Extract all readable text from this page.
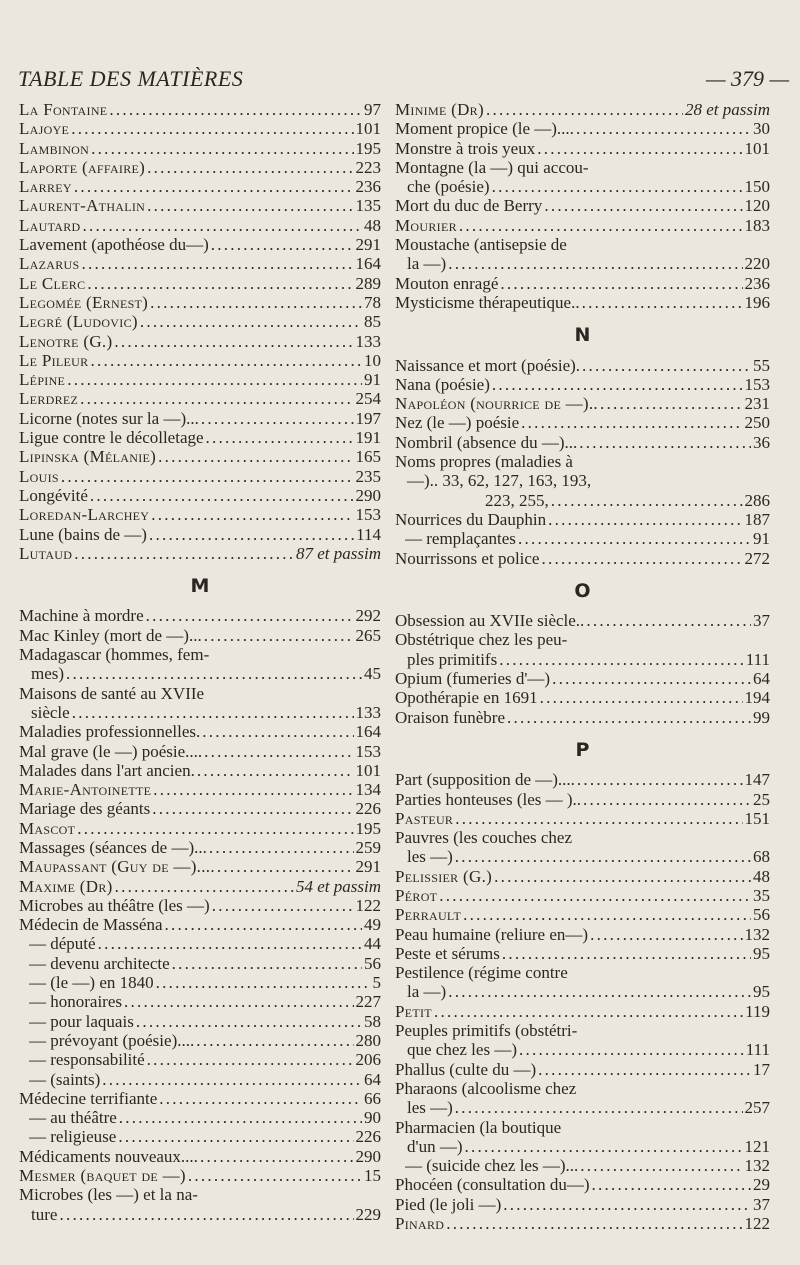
TABLE DES MATIÈRES	— 379 —
La Fontaine . . .	97
Lajoye . . .	101
Lambinon . . .	195
Laporte (affaire) . . .	223
Larrey . . .	236
Laurent-Athalin . . .	135
Lautard . . .	48
Lavement (apothéose du—) . . .	291
Lazarus . . .	164
Le Clerc . . .	289
Legomée (Ernest) . . .	78
Legré (Ludovic) . . .	85
Lenotre (G.) . . .	133
Le Pileur . . .	10
Lépine . . .	91
Lerdrez . . .	254
Licorne (notes sur la —)... . . .	197
Ligue contre le décolletage . . .	191
Lipinska (Mélanie) . . .	165
Louis . . .	235
Longévité . . .	290
Loredan-Larchey . . .	153
Lune (bains de —) . . .	114
Lutaud . . .	87 et passim
M
Machine à mordre . . .	292
Mac Kinley (mort de —)... . . .	265
Madagascar (hommes, fem-
mes) . . .	45
Maisons de santé au XVIIe
siècle . . .	133
Maladies professionnelles. . . .	164
Mal grave (le —) poésie.... . . .	153
Malades dans l'art ancien. . . .	101
Marie-Antoinette . . .	134
Mariage des géants . . .	226
Mascot . . .	195
Massages (séances de —)... . . .	259
Maupassant (Guy de —).... . . .	291
Maxime (Dr) . . .	54 et passim
Microbes au théâtre (les —) . . .	122
Médecin de Masséna . . .	49
— député . . .	44
— devenu architecte . . .	56
— (le —) en 1840 . . .	5
— honoraires . . .	227
— pour laquais . . .	58
— prévoyant (poésie).... . . .	280
— responsabilité . . .	206
— (saints) . . .	64
Médecine terrifiante . . .	66
— au théâtre . . .	90
— religieuse . . .	226
Médicaments nouveaux.... . . .	290
Mesmer (baquet de —) . . .	15
Microbes (les —) et la na-
ture . . .	229
Minime (Dr) . . .	28 et passim
Moment propice (le —).... . . .	30
Monstre à trois yeux . . .	101
Montagne (la —) qui accou-
che (poésie) . . .	150
Mort du duc de Berry . . .	120
Mourier . . .	183
Moustache (antisepsie de
la —) . . .	220
Mouton enragé . . .	236
Mysticisme thérapeutique.. . . .	196
N
Naissance et mort (poésie). . . .	55
Nana (poésie) . . .	153
Napoléon (nourrice de —).. . . .	231
Nez (le —) poésie . . .	250
Nombril (absence du —)... . . .	36
Noms propres (maladies à
—).. 33, 62, 127, 163, 193,
223, 255, . . .	286
Nourrices du Dauphin . . .	187
— remplaçantes . . .	91
Nourrissons et police . . .	272
O
Obsession au XVIIe siècle.. . . .	37
Obstétrique chez les peu-
ples primitifs . . .	111
Opium (fumeries d'—) . . .	64
Opothérapie en 1691 . . .	194
Oraison funèbre . . .	99
P
Part (supposition de —).... . . .	147
Parties honteuses (les — ).. . . .	25
Pasteur . . .	151
Pauvres (les couches chez
les —) . . .	68
Pelissier (G.) . . .	48
Pérot . . .	35
Perrault . . .	56
Peau humaine (reliure en—) . . .	132
Peste et sérums . . .	95
Pestilence (régime contre
la —) . . .	95
Petit . . .	119
Peuples primitifs (obstétri-
que chez les —) . . .	111
Phallus (culte du —) . . .	17
Pharaons (alcoolisme chez
les —) . . .	257
Pharmacien (la boutique
d'un —) . . .	121
— (suicide chez les —)... . . .	132
Phocéen (consultation du—) . . .	29
Pied (le joli —) . . .	37
Pinard . . .	122
